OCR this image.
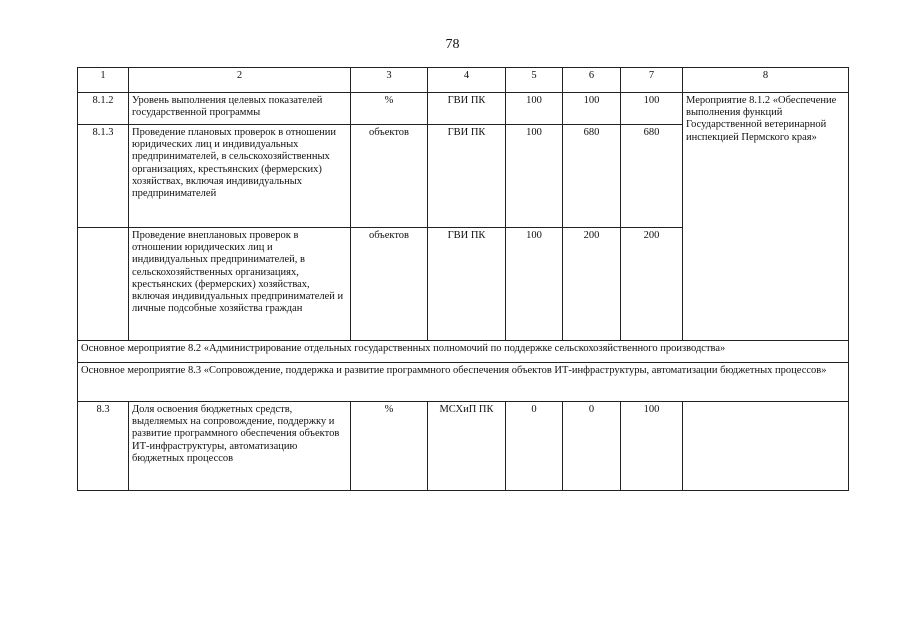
78
1	2	3	4	5	6	7	8
8.1.2	Уровень выполнения целевых показателей государственной программы	%	ГВИ ПК	100	100	100	Мероприятие 8.1.2 «Обеспечение выполнения функций Государственной ветеринарной инспекцией Пермского края»
8.1.3	Проведение плановых проверок в отношении юридических лиц и индивидуальных предпринимателей, в сельскохозяйственных организациях, крестьянских (фермерских) хозяйствах, включая индивидуальных предпринимателей	объектов	ГВИ ПК	100	680	680	
	Проведение внеплановых проверок в отношении юридических лиц и индивидуальных предпринимателей, в сельскохозяйственных организациях, крестьянских (фермерских) хозяйствах, включая индивидуальных предпринимателей и личные подсобные хозяйства граждан	объектов	ГВИ ПК	100	200	200	
Основное мероприятие 8.2 «Администрирование отдельных государственных полномочий по поддержке сельскохозяйственного производства»							
Основное мероприятие 8.3 «Сопровождение, поддержка и развитие программного обеспечения объектов ИТ-инфраструктуры, автоматизации бюджетных процессов»							
8.3	Доля освоения бюджетных средств, выделяемых на сопровождение, поддержку и развитие программного обеспечения объектов ИТ-инфраструктуры, автоматизацию бюджетных процессов	%	МСХиП ПК	0	0	100	
